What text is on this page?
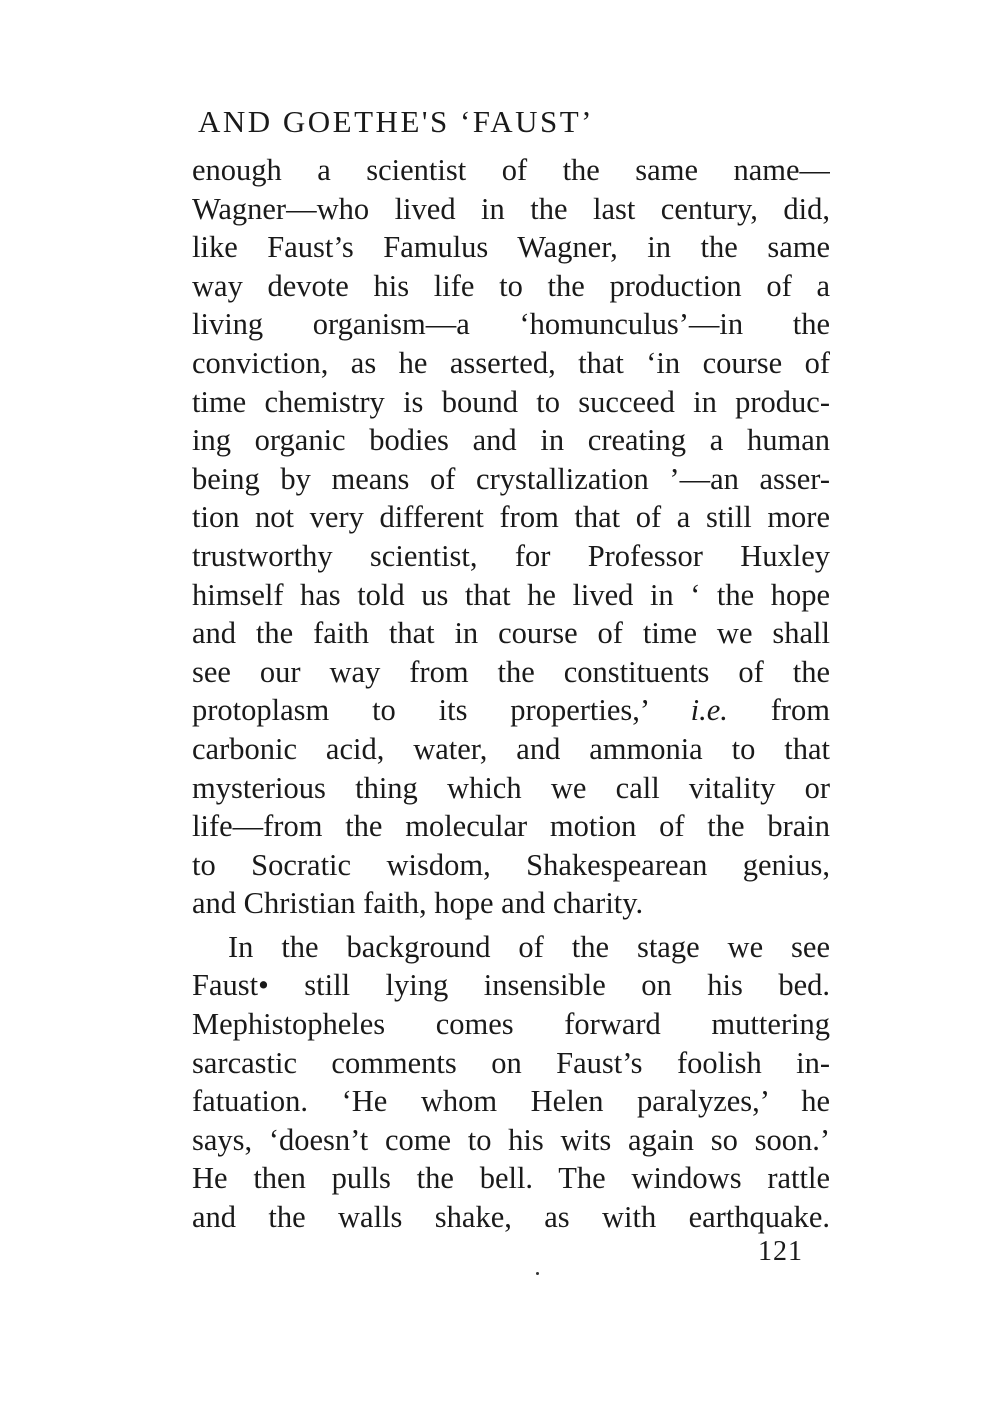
AND GOETHE'S ‘FAUST’
enough a scientist of the same name—
Wagner—who lived in the last century, did,
like Faust’s Famulus Wagner, in the same
way devote his life to the production of a
living organism—a ‘homunculus’—in the
conviction, as he asserted, that ‘in course of
time chemistry is bound to succeed in produc-
ing organic bodies and in creating a human
being by means of crystallization ’—an asser-
tion not very different from that of a still more
trustworthy scientist, for Professor Huxley
himself has told us that he lived in ‘ the hope
and the faith that in course of time we shall
see our way from the constituents of the
protoplasm to its properties,’ i.e. from
carbonic acid, water, and ammonia to that
mysterious thing which we call vitality or
life—from the molecular motion of the brain
to Socratic wisdom, Shakespearean genius,
and Christian faith, hope and charity.
In the background of the stage we see
Faust• still lying insensible on his bed.
Mephistopheles comes forward muttering
sarcastic comments on Faust’s foolish in-
fatuation. ‘He whom Helen paralyzes,’ he
says, ‘doesn’t come to his wits again so soon.’
He then pulls the bell. The windows rattle
and the walls shake, as with earthquake.
121
